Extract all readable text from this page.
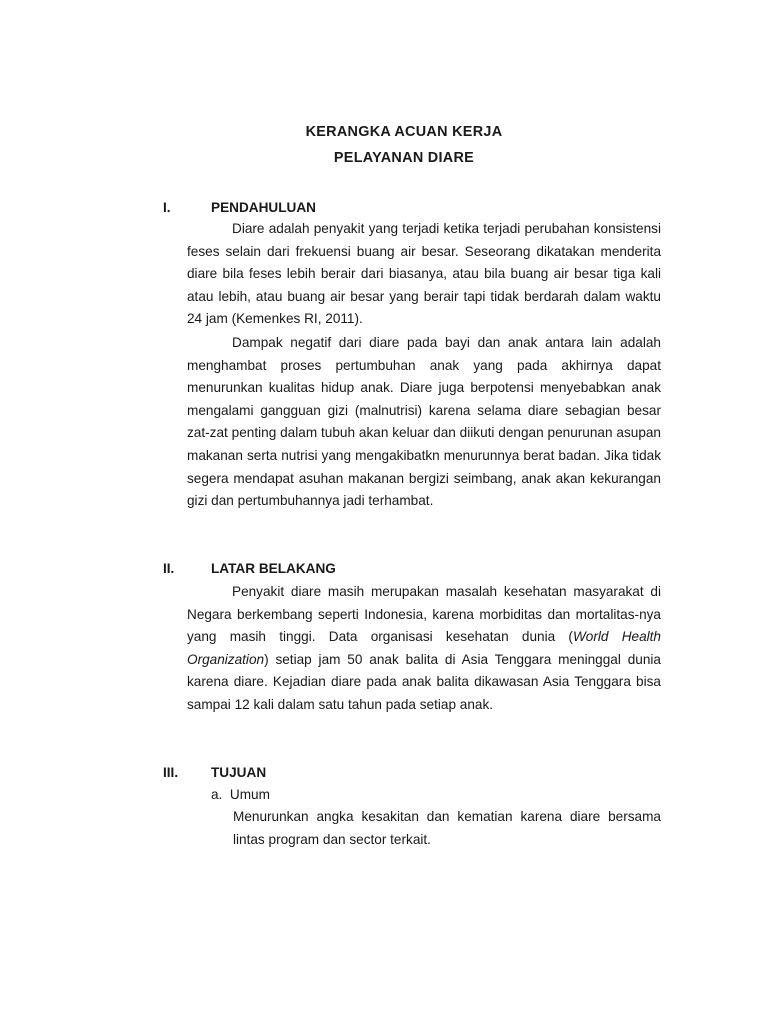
KERANGKA ACUAN KERJA
PELAYANAN DIARE
I.	PENDAHULUAN

Diare adalah penyakit yang terjadi ketika terjadi perubahan konsistensi feses selain dari frekuensi buang air besar. Seseorang dikatakan menderita diare bila feses lebih berair dari biasanya, atau bila buang air besar tiga kali atau lebih, atau buang air besar yang berair tapi tidak berdarah dalam waktu 24 jam (Kemenkes RI, 2011).

Dampak negatif dari diare pada bayi dan anak antara lain adalah menghambat proses pertumbuhan anak yang pada akhirnya dapat menurunkan kualitas hidup anak. Diare juga berpotensi menyebabkan anak mengalami gangguan gizi (malnutrisi) karena selama diare sebagian besar zat-zat penting dalam tubuh akan keluar dan diikuti dengan penurunan asupan makanan serta nutrisi yang mengakibatkn menurunnya berat badan. Jika tidak segera mendapat asuhan makanan bergizi seimbang, anak akan kekurangan gizi dan pertumbuhannya jadi terhambat.

II.	LATAR BELAKANG

Penyakit diare masih merupakan masalah kesehatan masyarakat di Negara berkembang seperti Indonesia, karena morbiditas dan mortalitas-nya yang masih tinggi. Data organisasi kesehatan dunia (World Health Organization) setiap jam 50 anak balita di Asia Tenggara meninggal dunia karena diare. Kejadian diare pada anak balita dikawasan Asia Tenggara bisa sampai 12 kali dalam satu tahun pada setiap anak.

III. TUJUAN
a.  Umum

Menurunkan angka kesakitan dan kematian karena diare bersama lintas program dan sector terkait.
